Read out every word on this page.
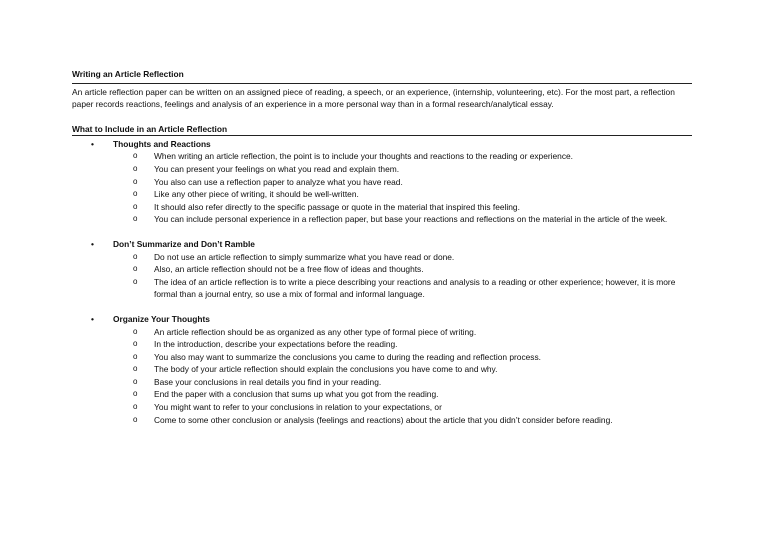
Writing an Article Reflection

An article reflection paper can be written on an assigned piece of reading, a speech, or an experience, (internship, volunteering, etc). For the most part, a reflection paper records reactions, feelings and analysis of an experience in a more personal way than in a formal research/analytical essay.

What to Include in an Article Reflection

• Thoughts and Reactions
o When writing an article reflection, the point is to include your thoughts and reactions to the reading or experience.
o You can present your feelings on what you read and explain them.
o You also can use a reflection paper to analyze what you have read.
o Like any other piece of writing, it should be well-written.
o It should also refer directly to the specific passage or quote in the material that inspired this feeling.
o You can include personal experience in a reflection paper, but base your reactions and reflections on the material in the article of the week.
• Don’t Summarize and Don’t Ramble
o Do not use an article reflection to simply summarize what you have read or done.
o Also, an article reflection should not be a free flow of ideas and thoughts.
o The idea of an article reflection is to write a piece describing your reactions and analysis to a reading or other experience; however, it is more formal than a journal entry, so use a mix of formal and informal language.
• Organize Your Thoughts
o An article reflection should be as organized as any other type of formal piece of writing.
o In the introduction, describe your expectations before the reading.
o You also may want to summarize the conclusions you came to during the reading and reflection process.
o The body of your article reflection should explain the conclusions you have come to and why.
o Base your conclusions in real details you find in your reading.
o End the paper with a conclusion that sums up what you got from the reading.
o You might want to refer to your conclusions in relation to your expectations, or
o Come to some other conclusion or analysis (feelings and reactions) about the article that you didn’t consider before reading.
